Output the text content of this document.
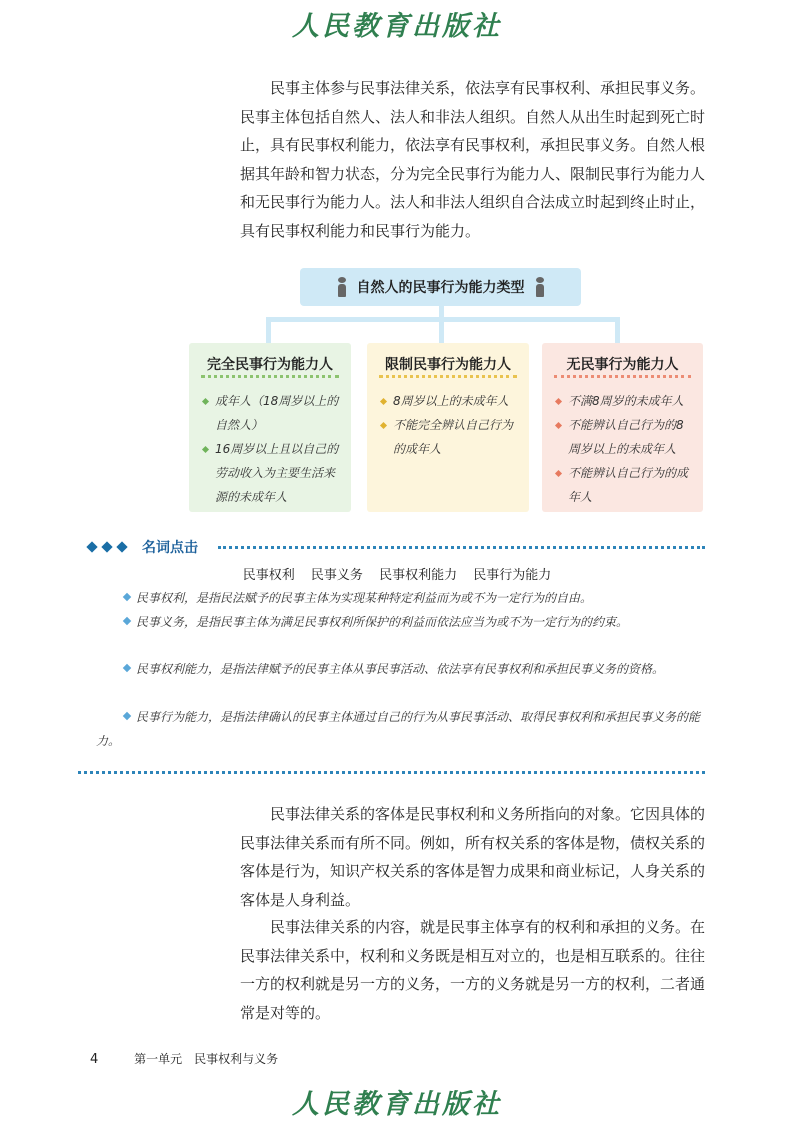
人民教育出版社

民事主体参与民事法律关系，依法享有民事权利、承担民事义务。民事主体包括自然人、法人和非法人组织。自然人从出生时起到死亡时止，具有民事权利能力，依法享有民事权利，承担民事义务。自然人根据其年龄和智力状态，分为完全民事行为能力人、限制民事行为能力人和无民事行为能力人。法人和非法人组织自合法成立时起到终止时止，具有民事权利能力和民事行为能力。

自然人的民事行为能力类型
完全民事行为能力人
成年人（18周岁以上的自然人）
16周岁以上且以自己的劳动收入为主要生活来源的未成年人
限制民事行为能力人
8周岁以上的未成年人
不能完全辨认自己行为的成年人
无民事行为能力人
不满8周岁的未成年人
不能辨认自己行为的8周岁以上的未成年人
不能辨认自己行为的成年人
名词点击
民事权利 民事义务 民事权利能力 民事行为能力

民事权利，是指民法赋予的民事主体为实现某种特定利益而为或不为一定行为的自由。

民事义务，是指民事主体为满足民事权利所保护的利益而依法应当为或不为一定行为的约束。

民事权利能力，是指法律赋予的民事主体从事民事活动、依法享有民事权利和承担民事义务的资格。

民事行为能力，是指法律确认的民事主体通过自己的行为从事民事活动、取得民事权利和承担民事义务的能力。

民事法律关系的客体是民事权利和义务所指向的对象。它因具体的民事法律关系而有所不同。例如，所有权关系的客体是物，债权关系的客体是行为，知识产权关系的客体是智力成果和商业标记，人身关系的客体是人身利益。

民事法律关系的内容，就是民事主体享有的权利和承担的义务。在民事法律关系中，权利和义务既是相互对立的，也是相互联系的。往往一方的权利就是另一方的义务，一方的义务就是另一方的权利，二者通常是对等的。

4	第一单元　民事权利与义务
人民教育出版社
